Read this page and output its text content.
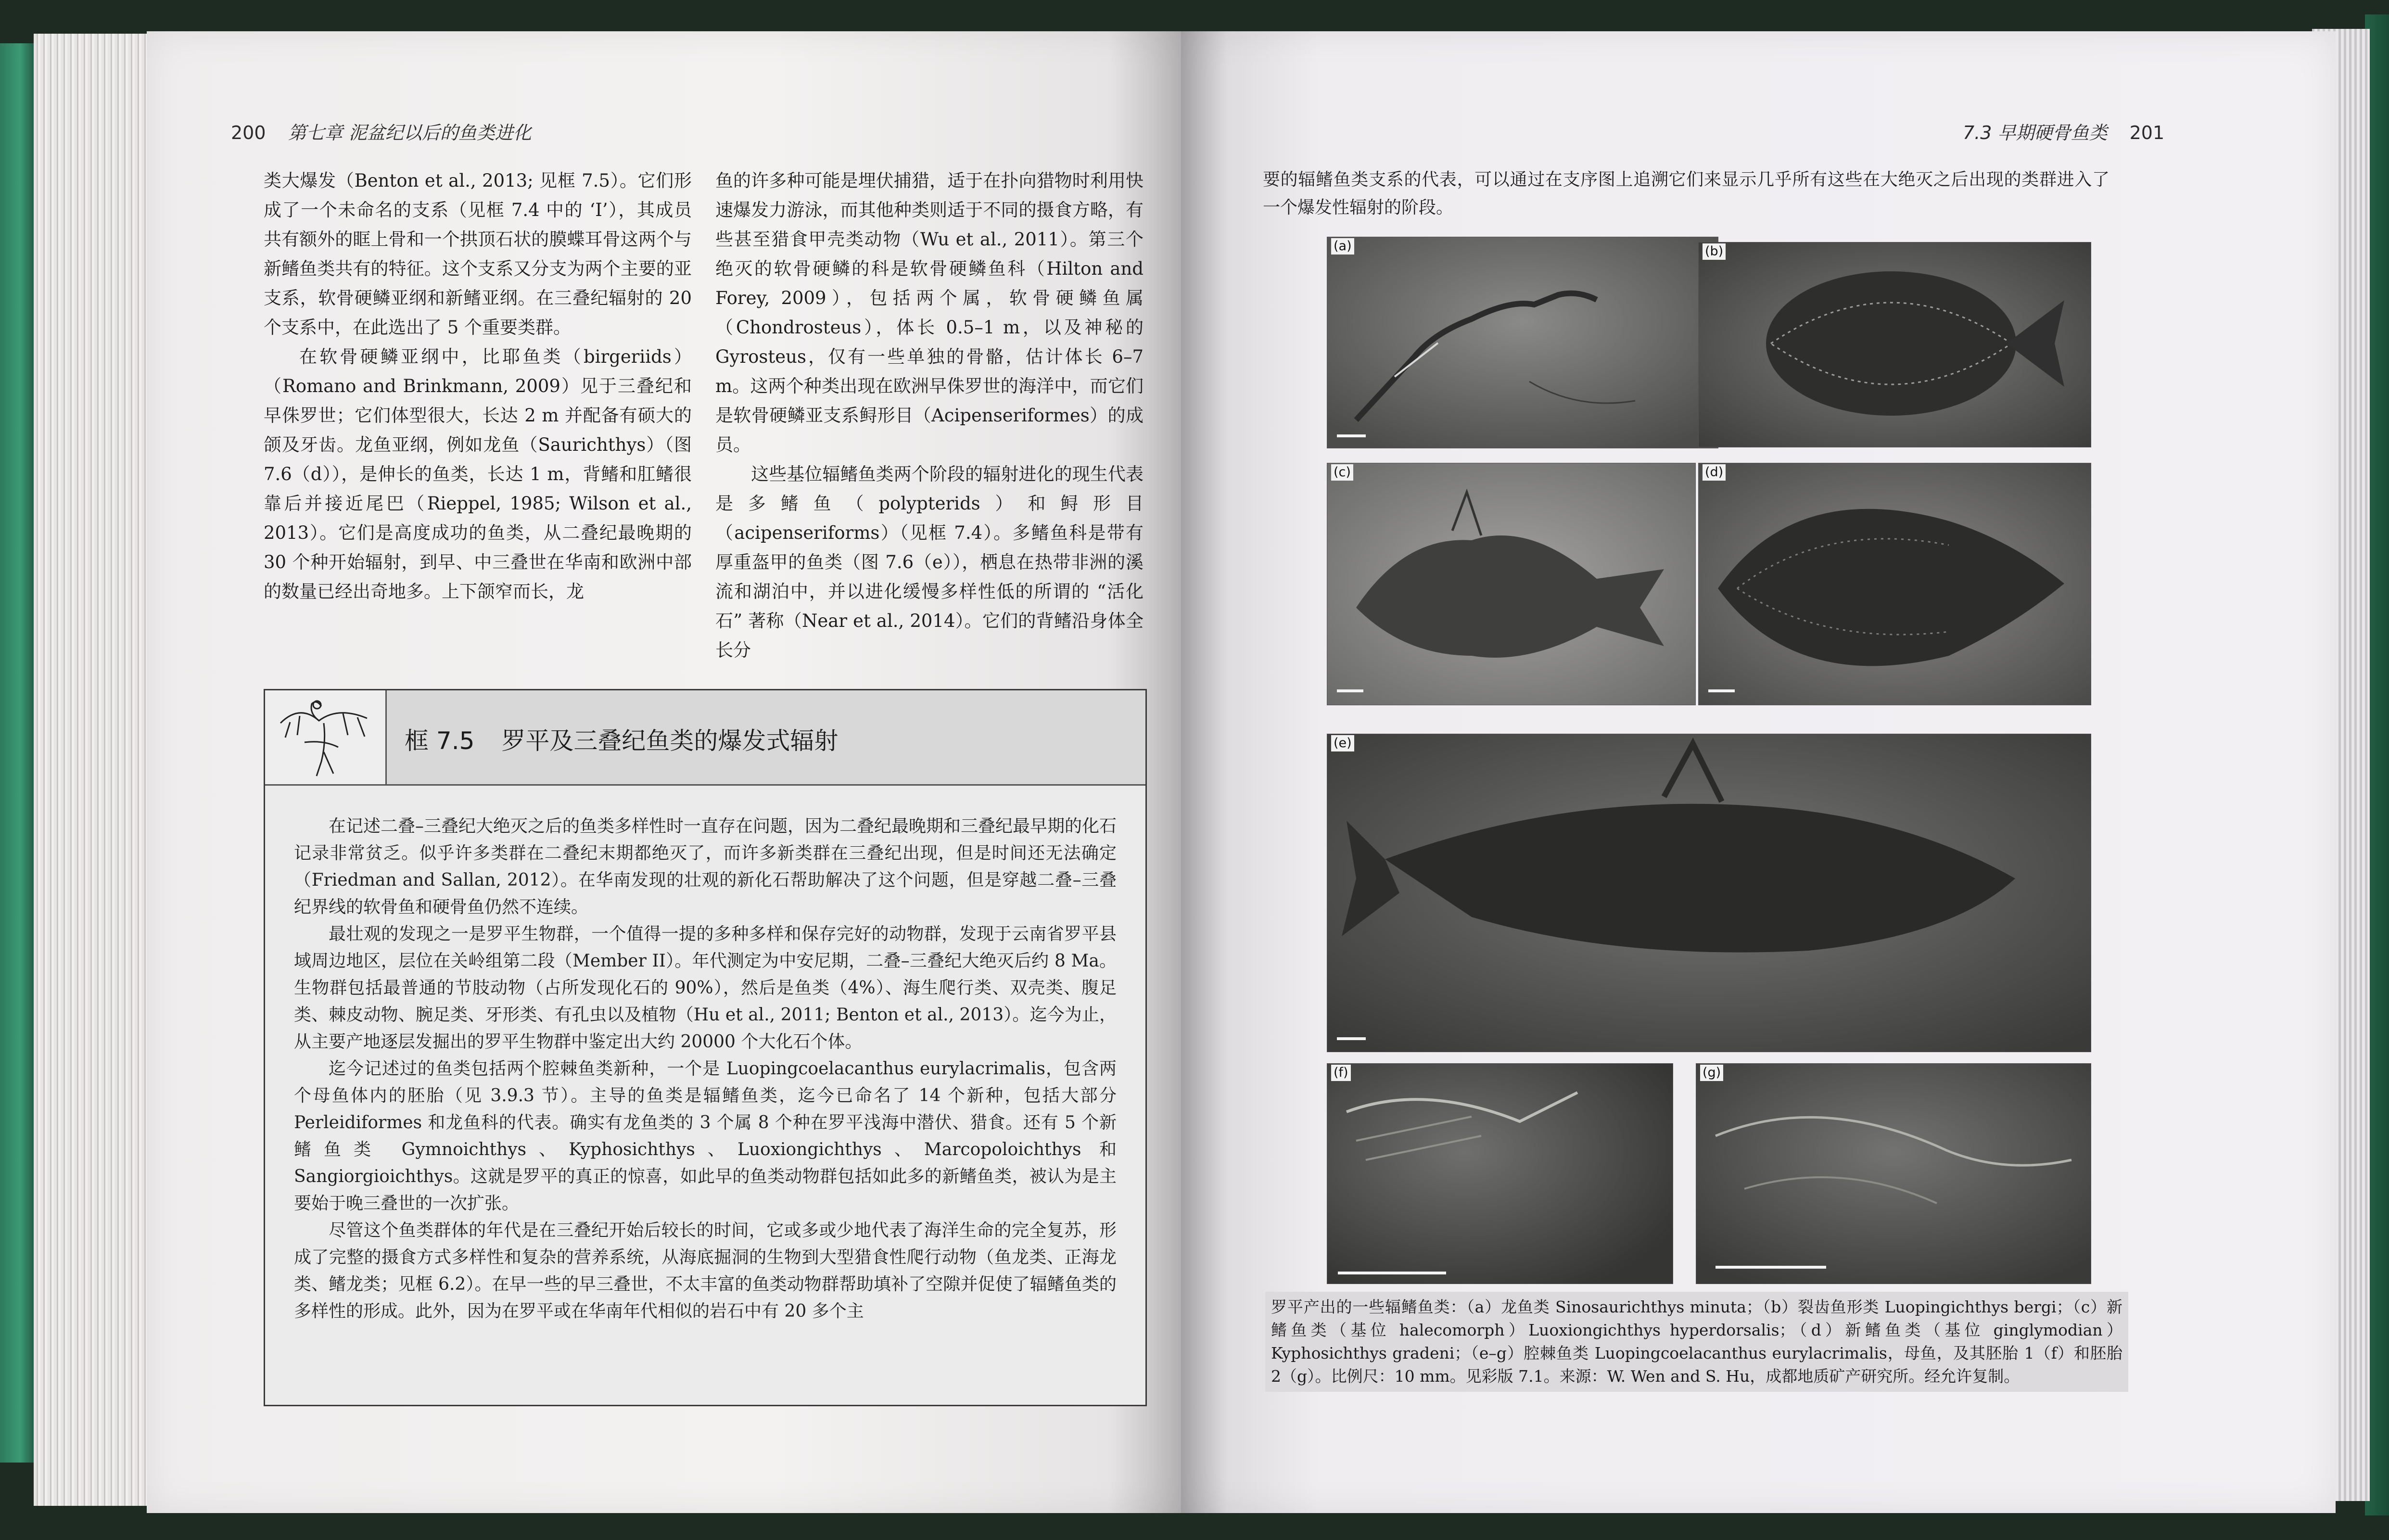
200 第七章 泥盆纪以后的鱼类进化

类大爆发（Benton et al., 2013; 见框 7.5）。它们形成了一个未命名的支系（见框 7.4 中的 ‘I’），其成员共有额外的眶上骨和一个拱顶石状的膜蝶耳骨这两个与新鳍鱼类共有的特征。这个支系又分支为两个主要的亚支系，软骨硬鳞亚纲和新鳍亚纲。在三叠纪辐射的 20 个支系中，在此选出了 5 个重要类群。

在软骨硬鳞亚纲中，比耶鱼类（birgeriids）（Romano and Brinkmann, 2009）见于三叠纪和早侏罗世；它们体型很大，长达 2 m 并配备有硕大的颌及牙齿。龙鱼亚纲，例如龙鱼（Saurichthys）（图 7.6（d）），是伸长的鱼类，长达 1 m，背鳍和肛鳍很靠后并接近尾巴（Rieppel, 1985; Wilson et al., 2013）。它们是高度成功的鱼类，从二叠纪最晚期的 30 个种开始辐射，到早、中三叠世在华南和欧洲中部的数量已经出奇地多。上下颌窄而长，龙

鱼的许多种可能是埋伏捕猎，适于在扑向猎物时利用快速爆发力游泳，而其他种类则适于不同的摄食方略，有些甚至猎食甲壳类动物（Wu et al., 2011）。第三个绝灭的软骨硬鳞的科是软骨硬鳞鱼科（Hilton and Forey, 2009），包括两个属，软骨硬鳞鱼属（Chondrosteus），体长 0.5–1 m，以及神秘的 Gyrosteus，仅有一些单独的骨骼，估计体长 6–7 m。这两个种类出现在欧洲早侏罗世的海洋中，而它们是软骨硬鳞亚支系鲟形目（Acipenseriformes）的成员。

这些基位辐鳍鱼类两个阶段的辐射进化的现生代表是多鳍鱼（polypterids）和鲟形目（acipenseriforms）（见框 7.4）。多鳍鱼科是带有厚重盔甲的鱼类（图 7.6（e）），栖息在热带非洲的溪流和湖泊中，并以进化缓慢多样性低的所谓的 “活化石” 著称（Near et al., 2014）。它们的背鳍沿身体全长分

框 7.5 罗平及三叠纪鱼类的爆发式辐射

在记述二叠–三叠纪大绝灭之后的鱼类多样性时一直存在问题，因为二叠纪最晚期和三叠纪最早期的化石记录非常贫乏。似乎许多类群在二叠纪末期都绝灭了，而许多新类群在三叠纪出现，但是时间还无法确定（Friedman and Sallan, 2012）。在华南发现的壮观的新化石帮助解决了这个问题，但是穿越二叠–三叠纪界线的软骨鱼和硬骨鱼仍然不连续。

最壮观的发现之一是罗平生物群，一个值得一提的多种多样和保存完好的动物群，发现于云南省罗平县域周边地区，层位在关岭组第二段（Member II）。年代测定为中安尼期，二叠–三叠纪大绝灭后约 8 Ma。生物群包括最普通的节肢动物（占所发现化石的 90%），然后是鱼类（4%）、海生爬行类、双壳类、腹足类、棘皮动物、腕足类、牙形类、有孔虫以及植物（Hu et al., 2011; Benton et al., 2013）。迄今为止，从主要产地逐层发掘出的罗平生物群中鉴定出大约 20000 个大化石个体。

迄今记述过的鱼类包括两个腔棘鱼类新种，一个是 Luopingcoelacanthus eurylacrimalis，包含两个母鱼体内的胚胎（见 3.9.3 节）。主导的鱼类是辐鳍鱼类，迄今已命名了 14 个新种，包括大部分 Perleidiformes 和龙鱼科的代表。确实有龙鱼类的 3 个属 8 个种在罗平浅海中潜伏、猎食。还有 5 个新鳍鱼类 Gymnoichthys、Kyphosichthys、Luoxiongichthys、Marcopoloichthys 和 Sangiorgioichthys。这就是罗平的真正的惊喜，如此早的鱼类动物群包括如此多的新鳍鱼类，被认为是主要始于晚三叠世的一次扩张。

尽管这个鱼类群体的年代是在三叠纪开始后较长的时间，它或多或少地代表了海洋生命的完全复苏，形成了完整的摄食方式多样性和复杂的营养系统，从海底掘洞的生物到大型猎食性爬行动物（鱼龙类、正海龙类、鳍龙类；见框 6.2）。在早一些的早三叠世，不太丰富的鱼类动物群帮助填补了空隙并促使了辐鳍鱼类的多样性的形成。此外，因为在罗平或在华南年代相似的岩石中有 20 多个主

7.3 早期硬骨鱼类 201
要的辐鳍鱼类支系的代表，可以通过在支序图上追溯它们来显示几乎所有这些在大绝灭之后出现的类群进入了一个爆发性辐射的阶段。
(a)	(b)
(c)	(d)
(e)
(f)	(g)
罗平产出的一些辐鳍鱼类：（a）龙鱼类 Sinosaurichthys minuta；（b）裂齿鱼形类 Luopingichthys bergi；（c）新鳍鱼类（基位 halecomorph）Luoxiongichthys hyperdorsalis；（d）新鳍鱼类（基位 ginglymodian）Kyphosichthys gradeni；（e–g）腔棘鱼类 Luopingcoelacanthus eurylacrimalis，母鱼，及其胚胎 1（f）和胚胎 2（g）。比例尺：10 mm。见彩版 7.1。来源：W. Wen and S. Hu，成都地质矿产研究所。经允许复制。
